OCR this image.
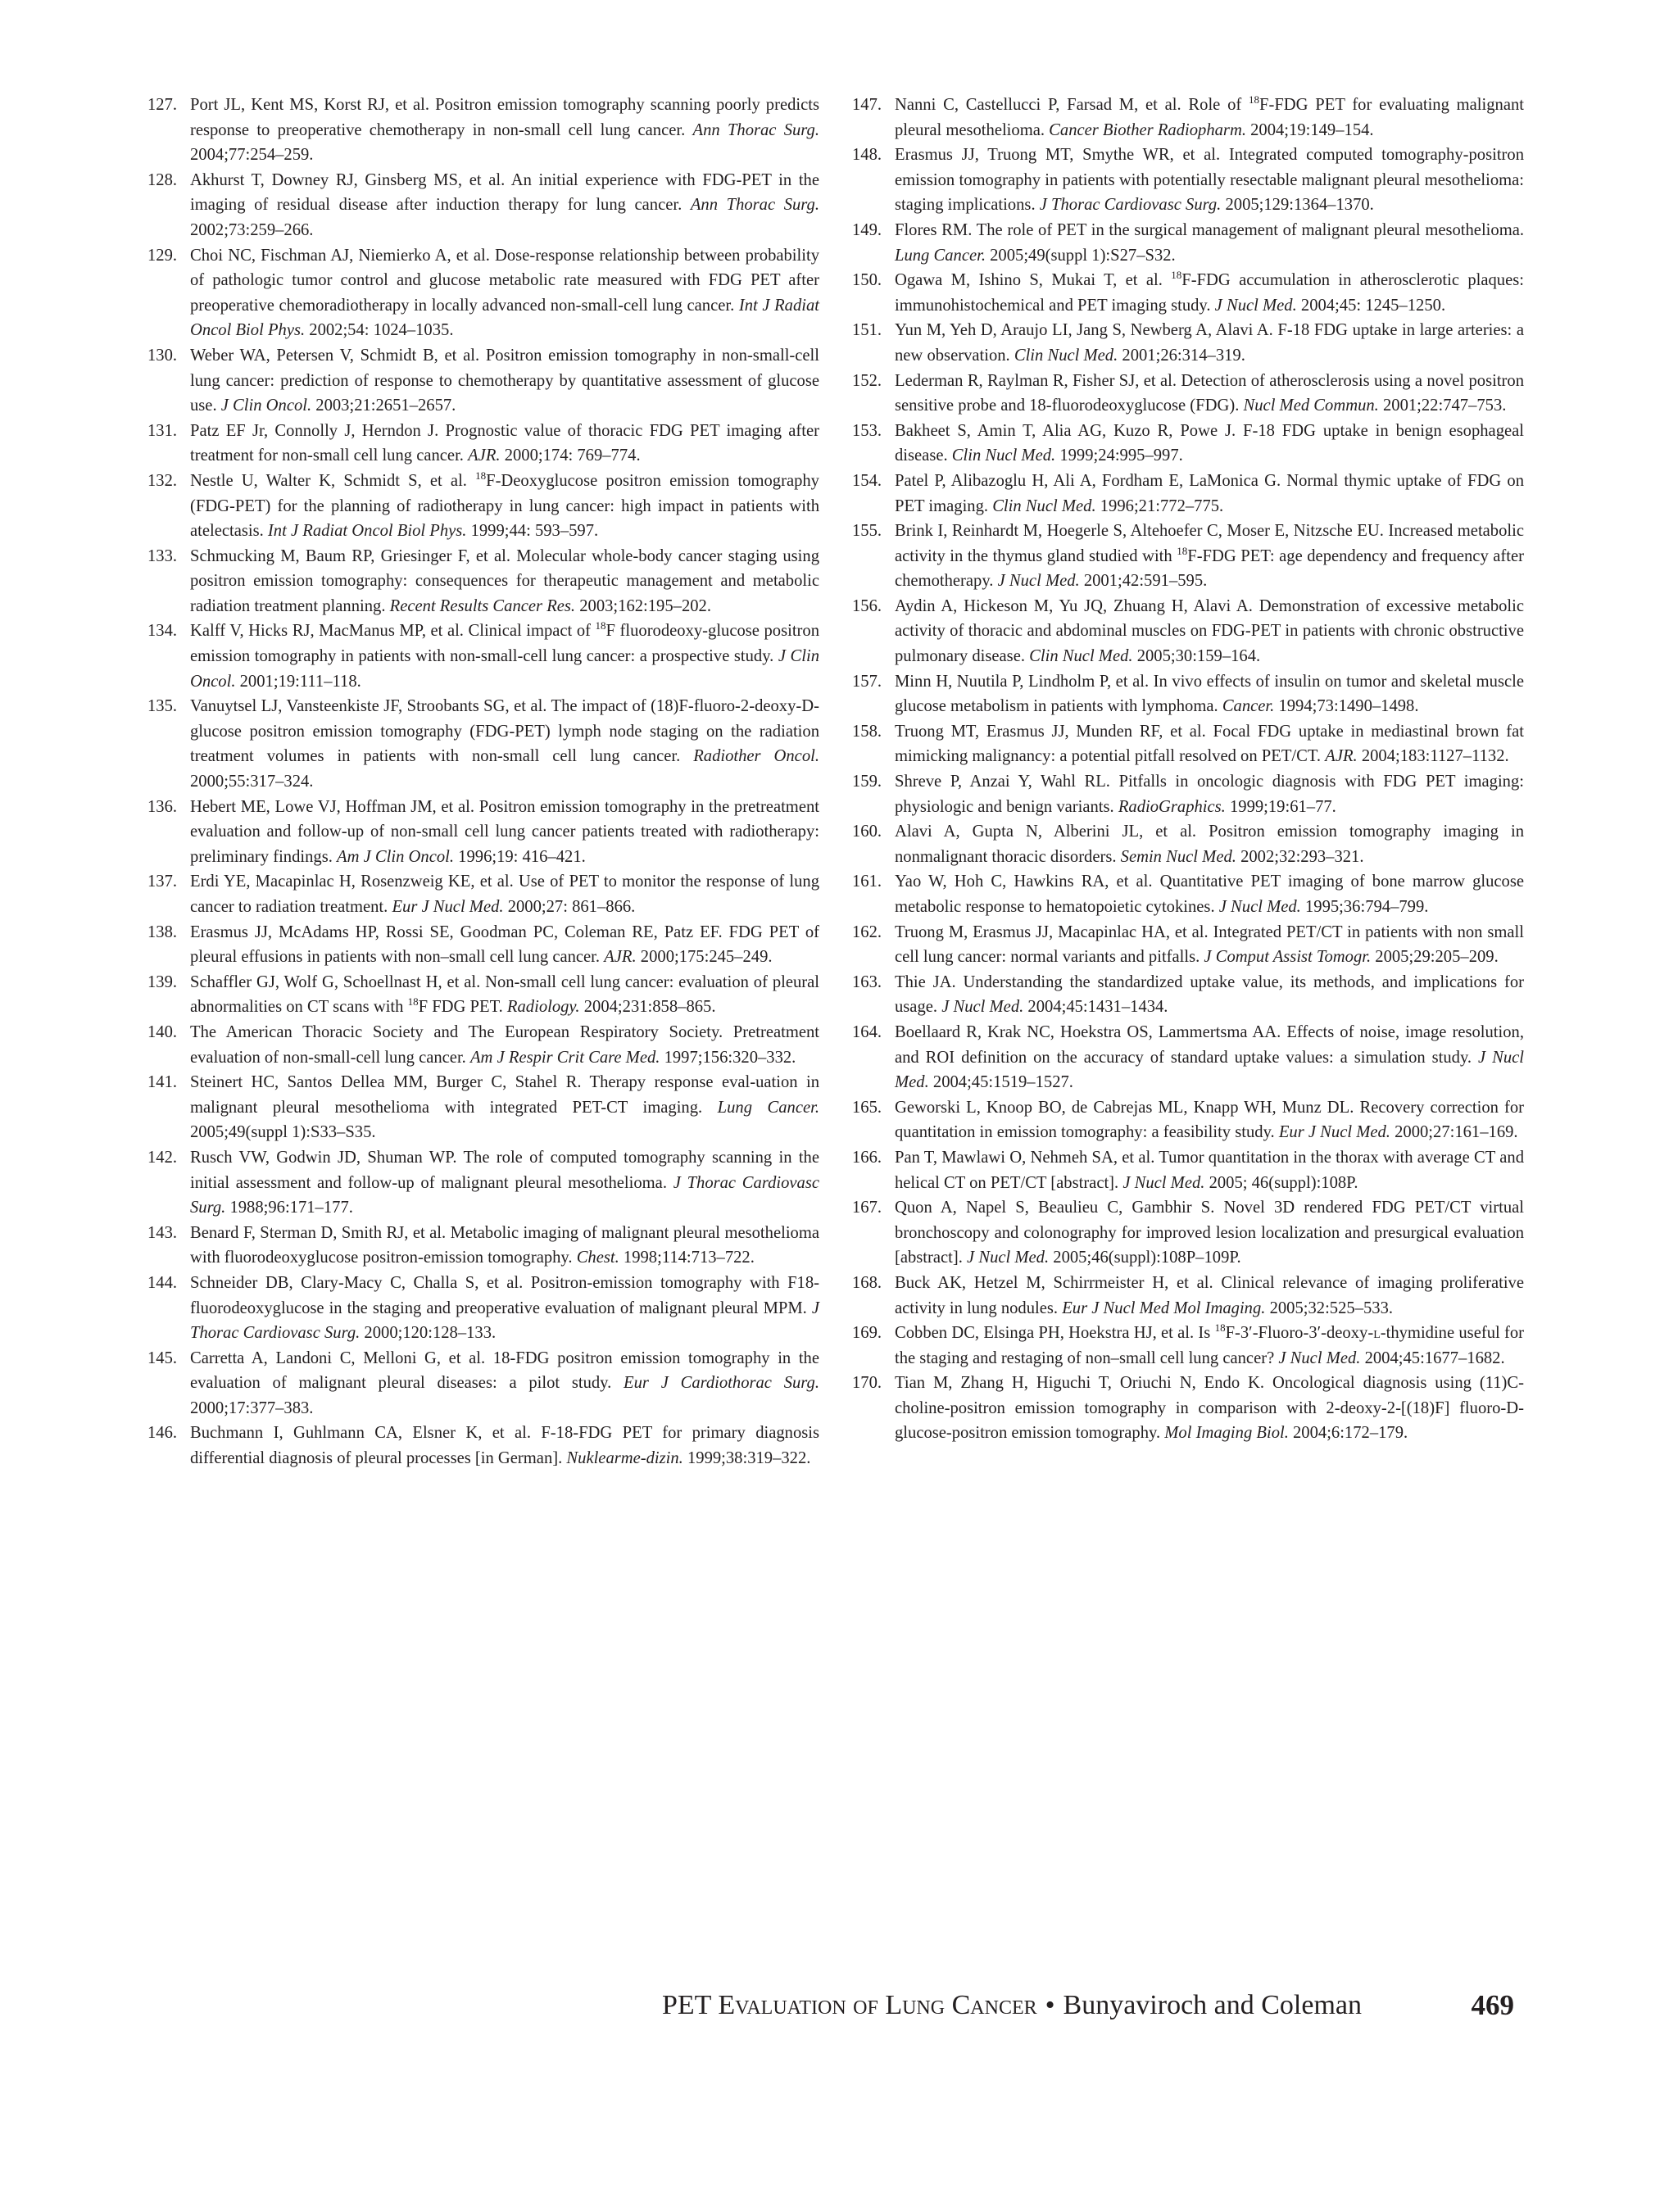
127. Port JL, Kent MS, Korst RJ, et al. Positron emission tomography scanning poorly predicts response to preoperative chemotherapy in non-small cell lung cancer. Ann Thorac Surg. 2004;77:254–259.
128. Akhurst T, Downey RJ, Ginsberg MS, et al. An initial experience with FDG-PET in the imaging of residual disease after induction therapy for lung cancer. Ann Thorac Surg. 2002;73:259–266.
129. Choi NC, Fischman AJ, Niemierko A, et al. Dose-response relationship between probability of pathologic tumor control and glucose metabolic rate measured with FDG PET after preoperative chemoradiotherapy in locally advanced non-small-cell lung cancer. Int J Radiat Oncol Biol Phys. 2002;54: 1024–1035.
130. Weber WA, Petersen V, Schmidt B, et al. Positron emission tomography in non-small-cell lung cancer: prediction of response to chemotherapy by quantitative assessment of glucose use. J Clin Oncol. 2003;21:2651–2657.
131. Patz EF Jr, Connolly J, Herndon J. Prognostic value of thoracic FDG PET imaging after treatment for non-small cell lung cancer. AJR. 2000;174: 769–774.
132. Nestle U, Walter K, Schmidt S, et al. $^{18}$F-Deoxyglucose positron emission tomography (FDG-PET) for the planning of radiotherapy in lung cancer: high impact in patients with atelectasis. Int J Radiat Oncol Biol Phys. 1999;44: 593–597.
133. Schmucking M, Baum RP, Griesinger F, et al. Molecular whole-body cancer staging using positron emission tomography: consequences for therapeutic management and metabolic radiation treatment planning. Recent Results Cancer Res. 2003;162:195–202.
134. Kalff V, Hicks RJ, MacManus MP, et al. Clinical impact of $^{18}$F fluorodeoxy-glucose positron emission tomography in patients with non-small-cell lung cancer: a prospective study. J Clin Oncol. 2001;19:111–118.
135. Vanuytsel LJ, Vansteenkiste JF, Stroobants SG, et al. The impact of (18)F-fluoro-2-deoxy-D-glucose positron emission tomography (FDG-PET) lymph node staging on the radiation treatment volumes in patients with non-small cell lung cancer. Radiother Oncol. 2000;55:317–324.
136. Hebert ME, Lowe VJ, Hoffman JM, et al. Positron emission tomography in the pretreatment evaluation and follow-up of non-small cell lung cancer patients treated with radiotherapy: preliminary findings. Am J Clin Oncol. 1996;19: 416–421.
137. Erdi YE, Macapinlac H, Rosenzweig KE, et al. Use of PET to monitor the response of lung cancer to radiation treatment. Eur J Nucl Med. 2000;27: 861–866.
138. Erasmus JJ, McAdams HP, Rossi SE, Goodman PC, Coleman RE, Patz EF. FDG PET of pleural effusions in patients with non–small cell lung cancer. AJR. 2000;175:245–249.
139. Schaffler GJ, Wolf G, Schoellnast H, et al. Non-small cell lung cancer: evaluation of pleural abnormalities on CT scans with $^{18}$F FDG PET. Radiology. 2004;231:858–865.
140. The American Thoracic Society and The European Respiratory Society. Pretreatment evaluation of non-small-cell lung cancer. Am J Respir Crit Care Med. 1997;156:320–332.
141. Steinert HC, Santos Dellea MM, Burger C, Stahel R. Therapy response eval-uation in malignant pleural mesothelioma with integrated PET-CT imaging. Lung Cancer. 2005;49(suppl 1):S33–S35.
142. Rusch VW, Godwin JD, Shuman WP. The role of computed tomography scanning in the initial assessment and follow-up of malignant pleural mesothelioma. J Thorac Cardiovasc Surg. 1988;96:171–177.
143. Benard F, Sterman D, Smith RJ, et al. Metabolic imaging of malignant pleural mesothelioma with fluorodeoxyglucose positron-emission tomography. Chest. 1998;114:713–722.
144. Schneider DB, Clary-Macy C, Challa S, et al. Positron-emission tomography with F18-fluorodeoxyglucose in the staging and preoperative evaluation of malignant pleural MPM. J Thorac Cardiovasc Surg. 2000;120:128–133.
145. Carretta A, Landoni C, Melloni G, et al. 18-FDG positron emission tomography in the evaluation of malignant pleural diseases: a pilot study. Eur J Cardiothorac Surg. 2000;17:377–383.
146. Buchmann I, Guhlmann CA, Elsner K, et al. F-18-FDG PET for primary diagnosis differential diagnosis of pleural processes [in German]. Nuklearme-dizin. 1999;38:319–322.
147. Nanni C, Castellucci P, Farsad M, et al. Role of $^{18}$F-FDG PET for evaluating malignant pleural mesothelioma. Cancer Biother Radiopharm. 2004;19:149–154.
148. Erasmus JJ, Truong MT, Smythe WR, et al. Integrated computed tomography-positron emission tomography in patients with potentially resectable malignant pleural mesothelioma: staging implications. J Thorac Cardiovasc Surg. 2005;129:1364–1370.
149. Flores RM. The role of PET in the surgical management of malignant pleural mesothelioma. Lung Cancer. 2005;49(suppl 1):S27–S32.
150. Ogawa M, Ishino S, Mukai T, et al. $^{18}$F-FDG accumulation in atherosclerotic plaques: immunohistochemical and PET imaging study. J Nucl Med. 2004;45: 1245–1250.
151. Yun M, Yeh D, Araujo LI, Jang S, Newberg A, Alavi A. F-18 FDG uptake in large arteries: a new observation. Clin Nucl Med. 2001;26:314–319.
152. Lederman R, Raylman R, Fisher SJ, et al. Detection of atherosclerosis using a novel positron sensitive probe and 18-fluorodeoxyglucose (FDG). Nucl Med Commun. 2001;22:747–753.
153. Bakheet S, Amin T, Alia AG, Kuzo R, Powe J. F-18 FDG uptake in benign esophageal disease. Clin Nucl Med. 1999;24:995–997.
154. Patel P, Alibazoglu H, Ali A, Fordham E, LaMonica G. Normal thymic uptake of FDG on PET imaging. Clin Nucl Med. 1996;21:772–775.
155. Brink I, Reinhardt M, Hoegerle S, Altehoefer C, Moser E, Nitzsche EU. Increased metabolic activity in the thymus gland studied with $^{18}$F-FDG PET: age dependency and frequency after chemotherapy. J Nucl Med. 2001;42:591–595.
156. Aydin A, Hickeson M, Yu JQ, Zhuang H, Alavi A. Demonstration of excessive metabolic activity of thoracic and abdominal muscles on FDG-PET in patients with chronic obstructive pulmonary disease. Clin Nucl Med. 2005;30:159–164.
157. Minn H, Nuutila P, Lindholm P, et al. In vivo effects of insulin on tumor and skeletal muscle glucose metabolism in patients with lymphoma. Cancer. 1994;73:1490–1498.
158. Truong MT, Erasmus JJ, Munden RF, et al. Focal FDG uptake in mediastinal brown fat mimicking malignancy: a potential pitfall resolved on PET/CT. AJR. 2004;183:1127–1132.
159. Shreve P, Anzai Y, Wahl RL. Pitfalls in oncologic diagnosis with FDG PET imaging: physiologic and benign variants. RadioGraphics. 1999;19:61–77.
160. Alavi A, Gupta N, Alberini JL, et al. Positron emission tomography imaging in nonmalignant thoracic disorders. Semin Nucl Med. 2002;32:293–321.
161. Yao W, Hoh C, Hawkins RA, et al. Quantitative PET imaging of bone marrow glucose metabolic response to hematopoietic cytokines. J Nucl Med. 1995;36:794–799.
162. Truong M, Erasmus JJ, Macapinlac HA, et al. Integrated PET/CT in patients with non small cell lung cancer: normal variants and pitfalls. J Comput Assist Tomogr. 2005;29:205–209.
163. Thie JA. Understanding the standardized uptake value, its methods, and implications for usage. J Nucl Med. 2004;45:1431–1434.
164. Boellaard R, Krak NC, Hoekstra OS, Lammertsma AA. Effects of noise, image resolution, and ROI definition on the accuracy of standard uptake values: a simulation study. J Nucl Med. 2004;45:1519–1527.
165. Geworski L, Knoop BO, de Cabrejas ML, Knapp WH, Munz DL. Recovery correction for quantitation in emission tomography: a feasibility study. Eur J Nucl Med. 2000;27:161–169.
166. Pan T, Mawlawi O, Nehmeh SA, et al. Tumor quantitation in the thorax with average CT and helical CT on PET/CT [abstract]. J Nucl Med. 2005; 46(suppl):108P.
167. Quon A, Napel S, Beaulieu C, Gambhir S. Novel 3D rendered FDG PET/CT virtual bronchoscopy and colonography for improved lesion localization and presurgical evaluation [abstract]. J Nucl Med. 2005;46(suppl):108P–109P.
168. Buck AK, Hetzel M, Schirrmeister H, et al. Clinical relevance of imaging proliferative activity in lung nodules. Eur J Nucl Med Mol Imaging. 2005;32:525–533.
169. Cobben DC, Elsinga PH, Hoekstra HJ, et al. Is $^{18}$F-3′-Fluoro-3′-deoxy-l-thymidine useful for the staging and restaging of non–small cell lung cancer? J Nucl Med. 2004;45:1677–1682.
170. Tian M, Zhang H, Higuchi T, Oriuchi N, Endo K. Oncological diagnosis using (11)C-choline-positron emission tomography in comparison with 2-deoxy-2-[(18)F] fluoro-D-glucose-positron emission tomography. Mol Imaging Biol. 2004;6:172–179.
PET Evaluation of Lung Cancer • Bunyaviroch and Coleman	469
